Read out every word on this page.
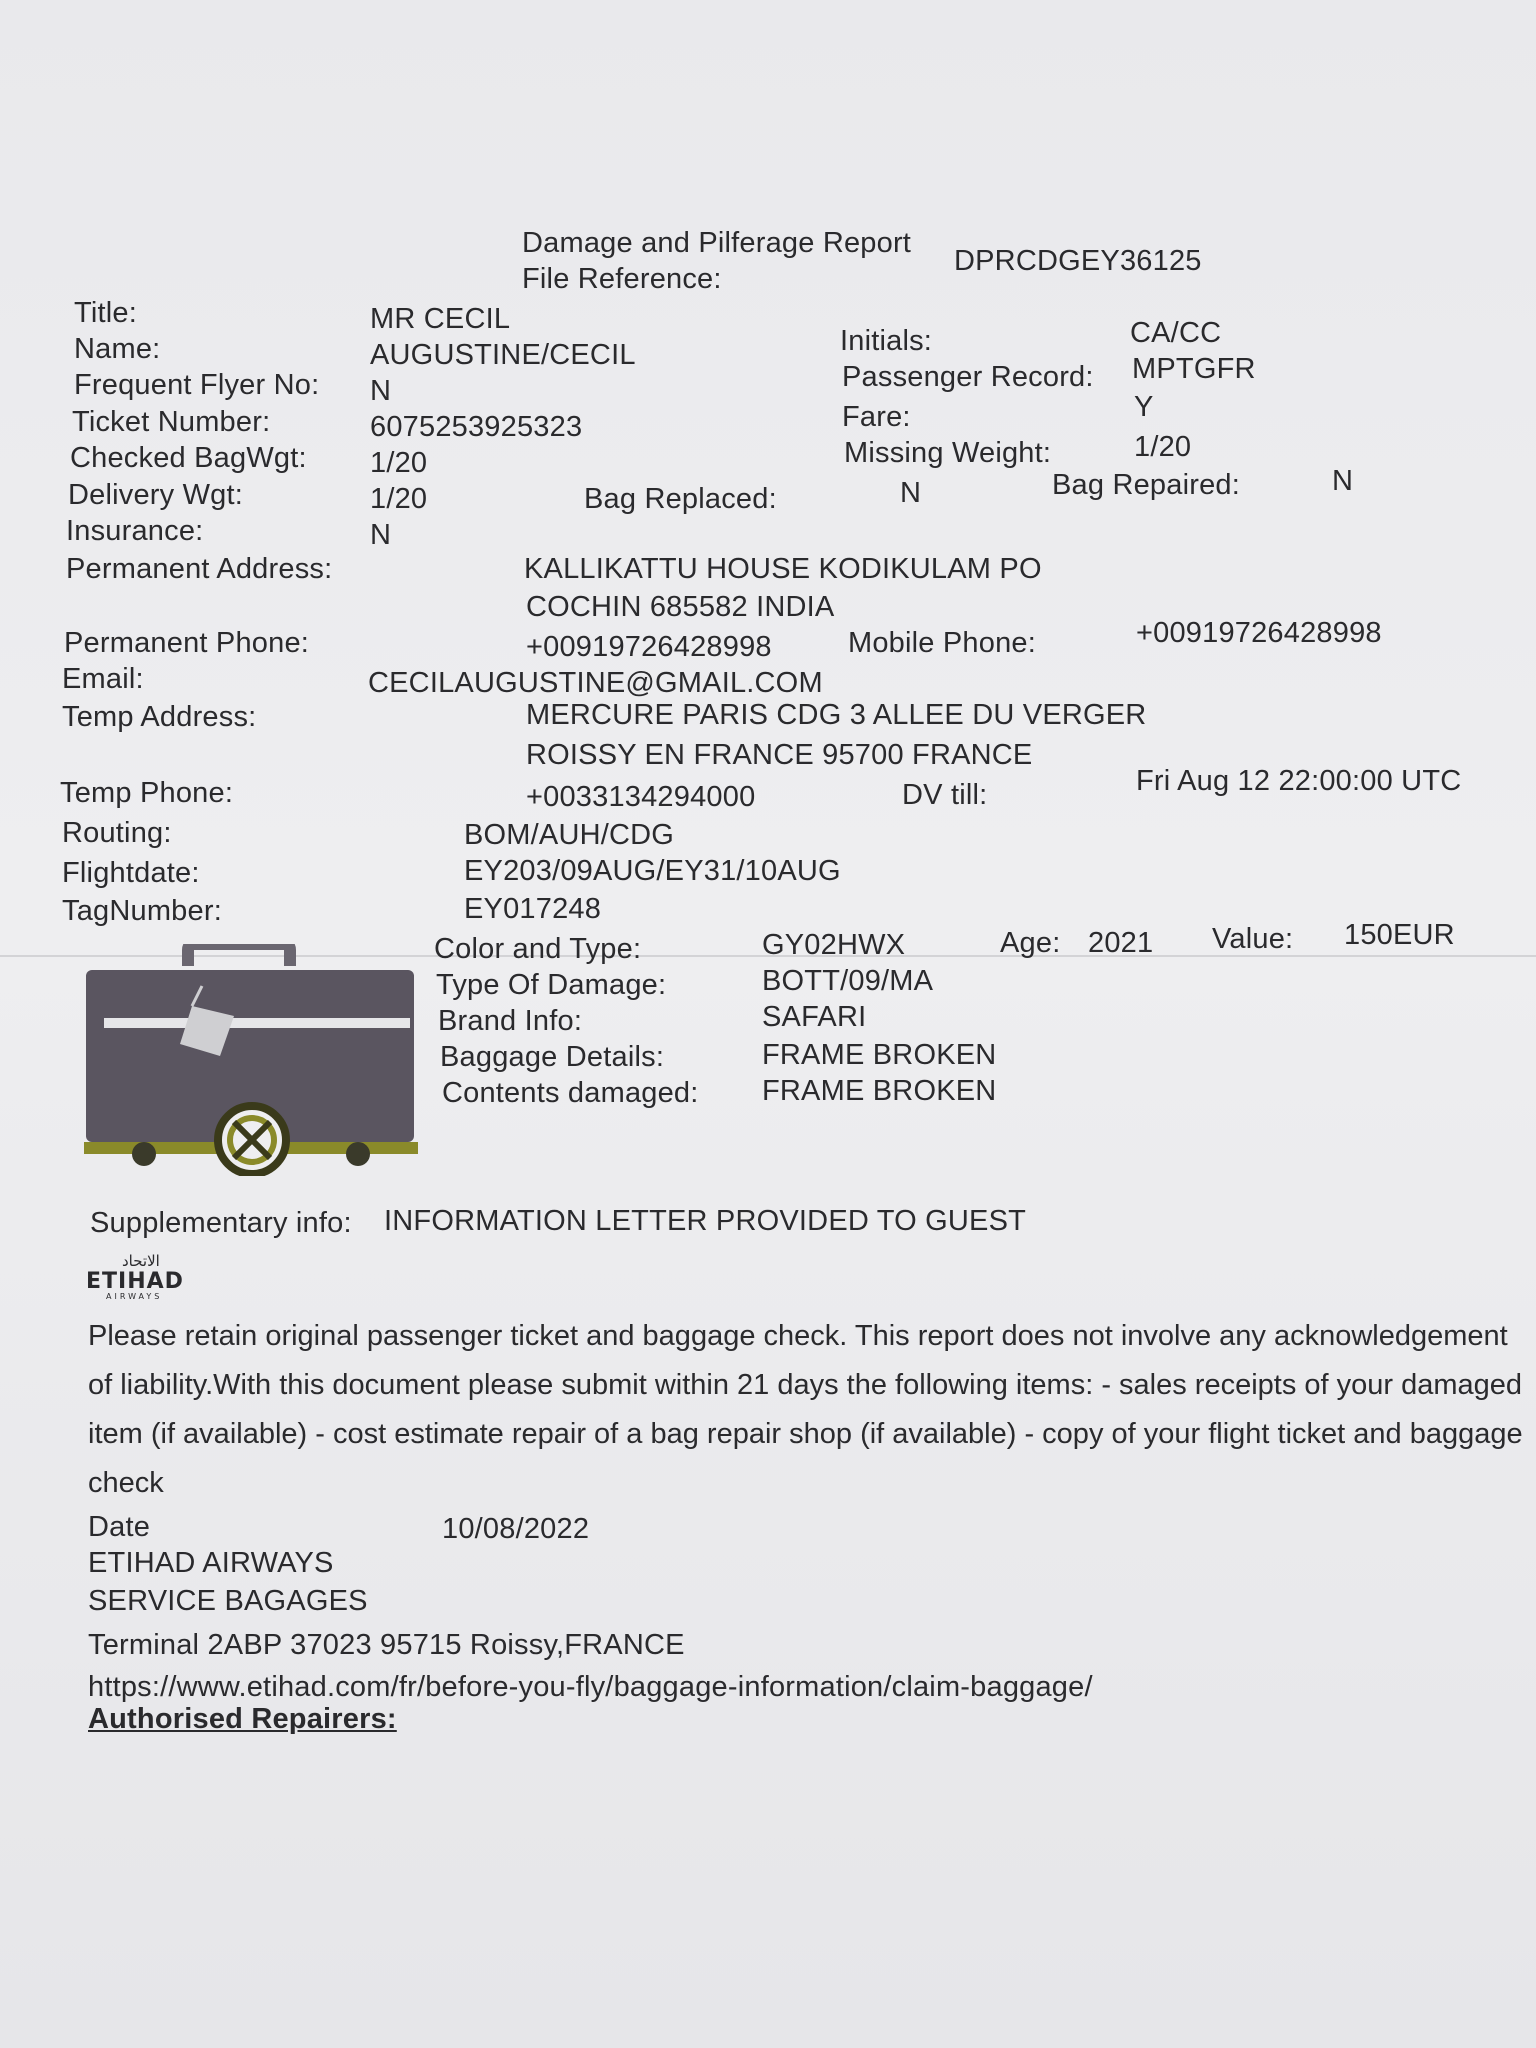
Damage and Pilferage Report
File Reference:
DPRCDGEY36125
Title:	MR CECIL
Name:	AUGUSTINE/CECIL
Frequent Flyer No: N
Ticket Number:	6075253925323
Checked BagWgt: 1/20
Delivery Wgt:	1/20
Insurance:	N
Initials:	CA/CC
Passenger Record: MPTGFR
Fare:	Y
Missing Weight:	1/20
Bag Replaced:	N	Bag Repaired:	N
Permanent Address:	KALLIKATTU HOUSE KODIKULAM PO
COCHIN 685582 INDIA
Permanent Phone:	+00919726428998	Mobile Phone:	+00919726428998
Email:	CECILAUGUSTINE@GMAIL.COM
Temp Address:	MERCURE PARIS CDG 3 ALLEE DU VERGER
ROISSY EN FRANCE 95700 FRANCE
Temp Phone:	+0033134294000	DV till:	Fri Aug 12 22:00:00 UTC
Routing:	BOM/AUH/CDG
Flightdate:	EY203/09AUG/EY31/10AUG
TagNumber:	EY017248
Color and Type:	GY02HWX	Age: 2021 Value: 150EUR
Type Of Damage:	BOTT/09/MA
Brand Info:	SAFARI
Baggage Details:	FRAME BROKEN
Contents damaged: FRAME BROKEN
Supplementary info: INFORMATION LETTER PROVIDED TO GUEST
الاتحاد
ETIHAD
AIRWAYS
Please retain original passenger ticket and baggage check. This report does not involve any acknowledgement of liability.With this document please submit within 21 days the following items: - sales receipts of your damaged item (if available) - cost estimate repair of a bag repair shop (if available) - copy of your flight ticket and baggage check
Date	10/08/2022
ETIHAD AIRWAYS
SERVICE BAGAGES
Terminal 2ABP 37023 95715 Roissy,FRANCE
https://www.etihad.com/fr/before-you-fly/baggage-information/claim-baggage/
Authorised Repairers:
